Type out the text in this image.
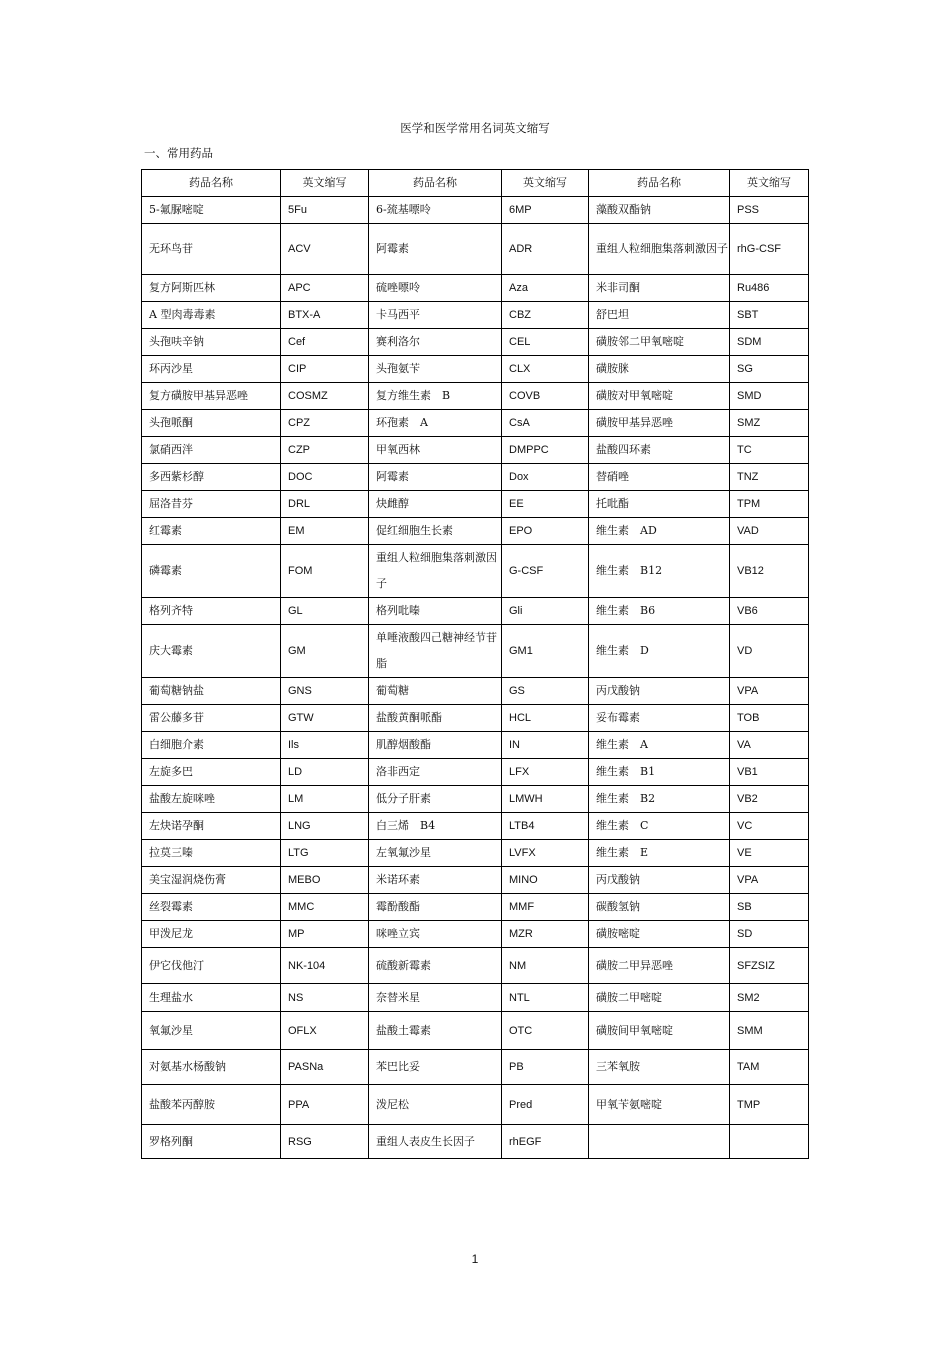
医学和医学常用名词英文缩写
一、常用药品
药品名称	英文缩写	药品名称	英文缩写	药品名称	英文缩写
5-氟脲嘧啶	5Fu	6-巯基嘌呤	6MP	藻酸双酯钠	PSS
无环鸟苷	ACV	阿霉素	ADR	重组人粒细胞集落刺激因子	rhG-CSF
复方阿斯匹林	APC	硫唑嘌呤	Aza	米非司酮	Ru486
A 型肉毒毒素	BTX-A	卡马西平	CBZ	舒巴坦	SBT
头孢呋辛钠	Cef	赛利洛尔	CEL	磺胺邻二甲氧嘧啶	SDM
环丙沙星	CIP	头孢氨苄	CLX	磺胺脒	SG
复方磺胺甲基异恶唑	COSMZ	复方维生素　B	COVB	磺胺对甲氧嘧啶	SMD
头孢哌酮	CPZ	环孢素　A	CsA	磺胺甲基异恶唑	SMZ
氯硝西泮	CZP	甲氧西林	DMPPC	盐酸四环素	TC
多西紫杉醇	DOC	阿霉素	Dox	替硝唑	TNZ
屈洛昔芬	DRL	炔雌醇	EE	托吡酯	TPM
红霉素	EM	促红细胞生长素	EPO	维生素　AD	VAD
磷霉素	FOM	重组人粒细胞集落刺激因子	G-CSF	维生素　B12	VB12
格列齐特	GL	格列吡嗪	Gli	维生素　B6	VB6
庆大霉素	GM	单唾液酸四己糖神经节苷脂	GM1	维生素　D	VD
葡萄糖钠盐	GNS	葡萄糖	GS	丙戊酸钠	VPA
雷公藤多苷	GTW	盐酸黄酮哌酯	HCL	妥布霉素	TOB
白细胞介素	Ils	肌醇烟酸酯	IN	维生素　A	VA
左旋多巴	LD	洛非西定	LFX	维生素　B1	VB1
盐酸左旋咪唑	LM	低分子肝素	LMWH	维生素　B2	VB2
左炔诺孕酮	LNG	白三烯　B4	LTB4	维生素　C	VC
拉莫三嗪	LTG	左氧氟沙星	LVFX	维生素　E	VE
美宝湿润烧伤膏	MEBO	米诺环素	MINO	丙戊酸钠	VPA
丝裂霉素	MMC	霉酚酸酯	MMF	碳酸氢钠	SB
甲泼尼龙	MP	咪唑立宾	MZR	磺胺嘧啶	SD
伊它伐他汀	NK-104	硫酸新霉素	NM	磺胺二甲异恶唑	SFZSIZ
生理盐水	NS	奈替米星	NTL	磺胺二甲嘧啶	SM2
氧氟沙星	OFLX	盐酸土霉素	OTC	磺胺间甲氧嘧啶	SMM
对氨基水杨酸钠	PASNa	苯巴比妥	PB	三苯氧胺	TAM
盐酸苯丙醇胺	PPA	泼尼松	Pred	甲氧苄氨嘧啶	TMP
罗格列酮	RSG	重组人表皮生长因子	rhEGF		
1
